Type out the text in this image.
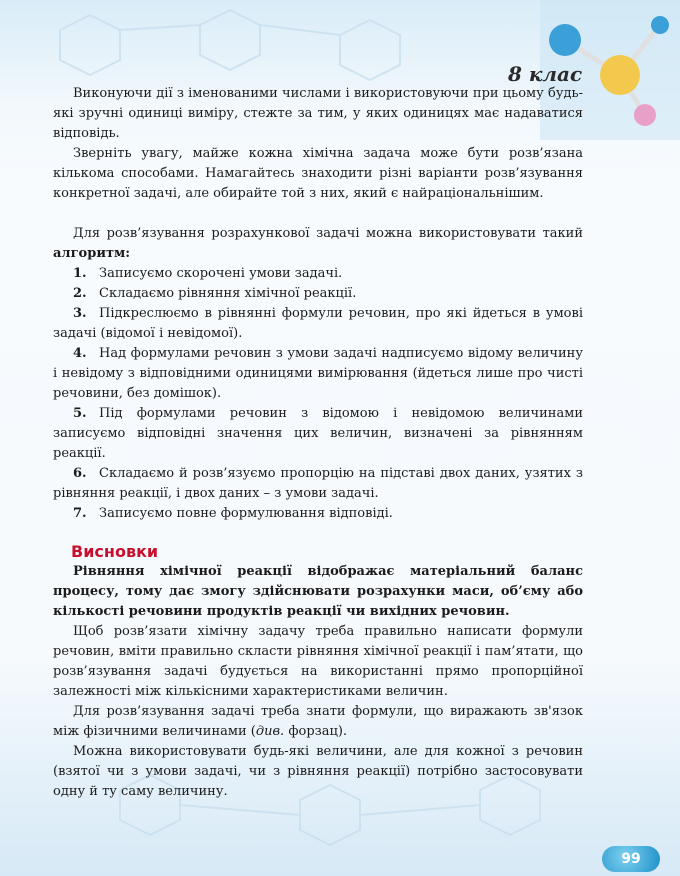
8 клас

Виконуючи дії з іменованими числами і використовуючи при цьому будь-які зручні одиниці виміру, стежте за тим, у яких одиницях має надаватися відповідь.

Зверніть увагу, майже кожна хімічна задача може бути розв’язана кількома способами. Намагайтесь знаходити різні варіанти розв’язування конкретної задачі, але обирайте той з них, який є найраціональнішим.

Для розв’язування розрахункової задачі можна використовувати такий алгоритм:

1. Записуємо скорочені умови задачі.

2. Складаємо рівняння хімічної реакції.

3. Підкреслюємо в рівнянні формули речовин, про які йдеться в умові задачі (відомої і невідомої).

4. Над формулами речовин з умови задачі надписуємо відому величину і невідому з відповідними одиницями вимірювання (йдеться лише про чисті речовини, без домішок).

5. Під формулами речовин з відомою і невідомою величинами записуємо відповідні значення цих величин, визначені за рівнянням реакції.

6. Складаємо й розв’язуємо пропорцію на підставі двох даних, узятих з рівняння реакції, і двох даних – з умови задачі.

7. Записуємо повне формулювання відповіді.

Висновки

Рівняння хімічної реакції відображає матеріальний баланс процесу, тому дає змогу здійснювати розрахунки маси, об’єму або кількості речовини продуктів реакції чи вихідних речовин.

Щоб розв’язати хімічну задачу треба правильно написати формули речовин, вміти правильно скласти рівняння хімічної реакції і пам’ятати, що розв’язування задачі будується на використанні прямо пропорційної залежності між кількісними характеристиками величин.

Для розв’язування задачі треба знати формули, що виражають зв'язок між фізичними величинами (див. форзац).

Можна використовувати будь-які величини, але для кожної з речовин (взятої чи з умови задачі, чи з рівняння реакції) потрібно застосовувати одну й ту саму величину.

99
